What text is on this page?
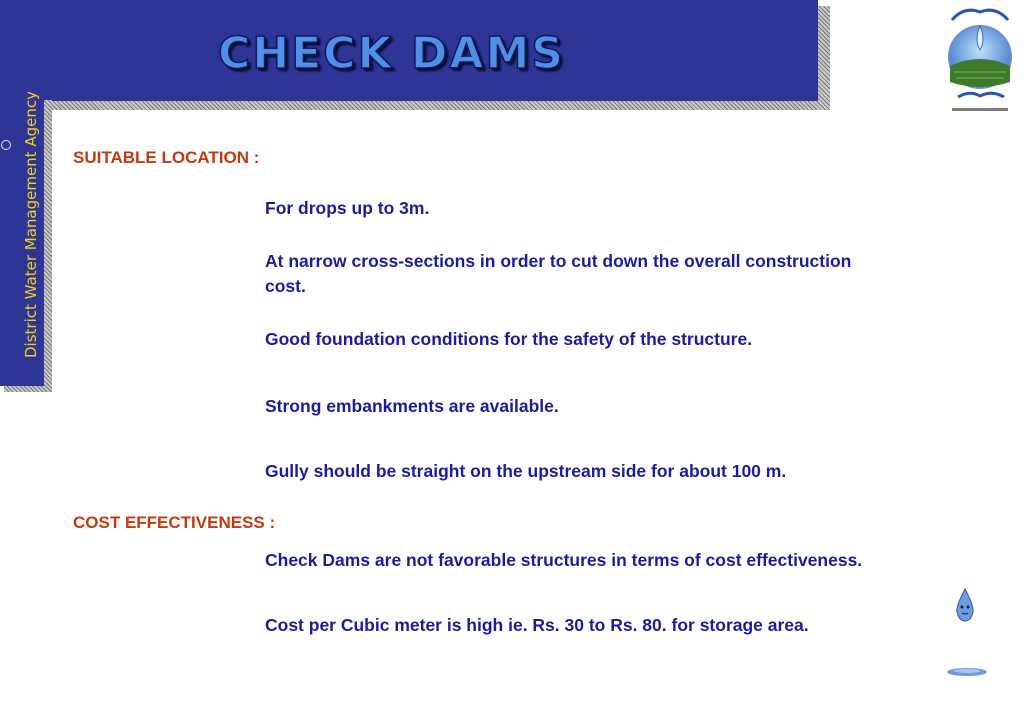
CHECK DAMS
District Water Management Agency SUITABLE LOCATION :
For drops up to 3m.
At narrow cross-sections in order to cut down the overall construction cost.
Good foundation conditions for the safety of the structure.
Strong embankments are available.
Gully should be straight on the upstream side for about 100 m.
COST EFFECTIVENESS :
Check Dams are not favorable structures in terms of cost effectiveness.
Cost per Cubic meter is high ie. Rs. 30 to Rs. 80. for storage area.
